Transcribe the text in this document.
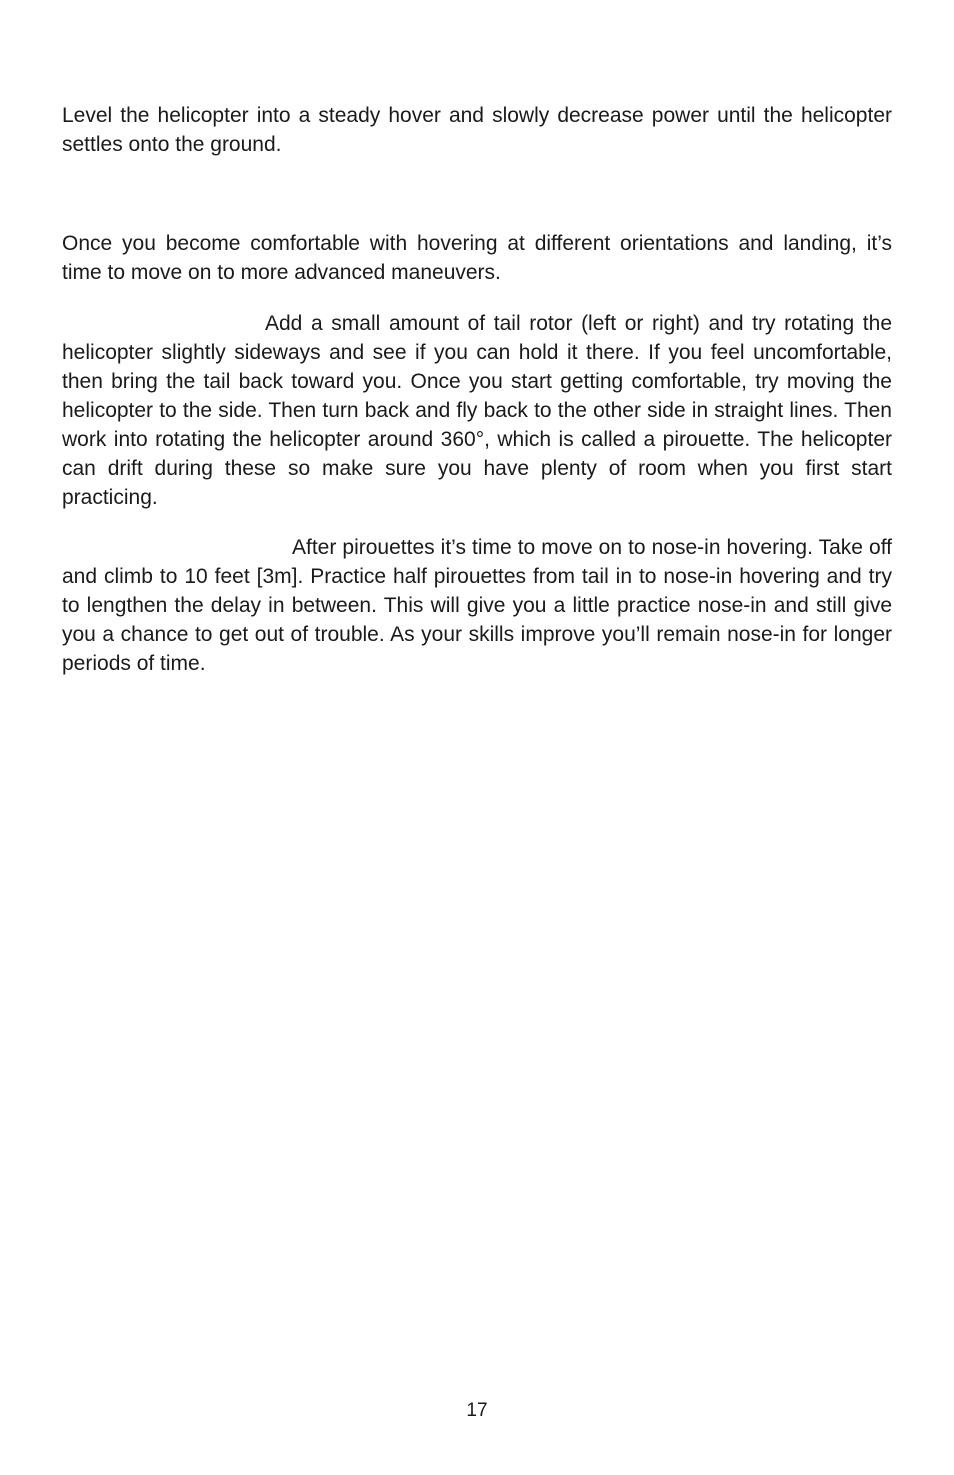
Level the helicopter into a steady hover and slowly decrease power until the helicopter settles onto the ground.

Once you become comfortable with hovering at different orientations and landing, it’s time to move on to more advanced maneuvers.

Add a small amount of tail rotor (left or right) and try rotating the helicopter slightly sideways and see if you can hold it there. If you feel uncomfortable, then bring the tail back toward you. Once you start getting comfortable, try moving the helicopter to the side. Then turn back and fly back to the other side in straight lines. Then work into rotating the helicopter around 360°, which is called a pirouette. The helicopter can drift during these so make sure you have plenty of room when you first start practicing.

After pirouettes it’s time to move on to nose-in hovering. Take off and climb to 10 feet [3m]. Practice half pirouettes from tail in to nose-in hovering and try to lengthen the delay in between. This will give you a little practice nose-in and still give you a chance to get out of trouble. As your skills improve you’ll remain nose-in for longer periods of time.

17
